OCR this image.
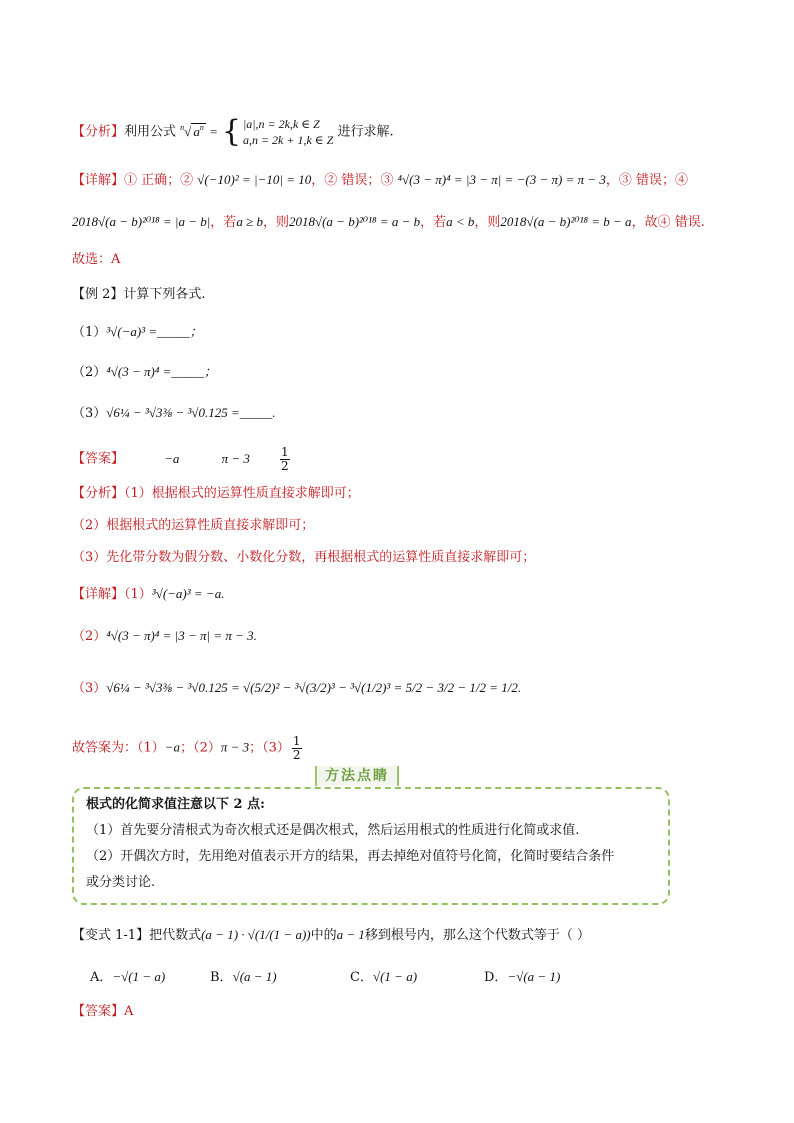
【分析】利用公式 $^n$√ $a^n$ = { |a|,n = 2k,k ∈ Z
a,n = 2k + 1,k ∈ Z
进行求解.
【详解】① 正确；② √(−10)² = |−10| = 10，② 错误；③ ⁴√(3 − π)⁴ = |3 − π| = −(3 − π) = π − 3，③ 错误；④
2018√(a − b)²⁰¹⁸ = |a − b|，若a ≥ b，则2018√(a − b)²⁰¹⁸ = a − b，若a < b，则2018√(a − b)²⁰¹⁸ = b − a，故④ 错误.
故选：A
【例 2】计算下列各式.
（1）³√(−a)³ =_____；
（2）⁴√(3 − π)⁴ =_____；
（3）√6¼ − ³√3⅜ − ³√0.125 =_____.
【答案】	−a	π − 3	$\frac{1}{2}$
【分析】（1）根据根式的运算性质直接求解即可；
（2）根据根式的运算性质直接求解即可；
（3）先化带分数为假分数、小数化分数，再根据根式的运算性质直接求解即可；
【详解】（1）³√(−a)³ = −a.
（2）⁴√(3 − π)⁴ = |3 − π| = π − 3.
（3）√6¼ − ³√3⅜ − ³√0.125 = √(5/2)² − ³√(3/2)³ − ³√(1/2)³ = 5/2 − 3/2 − 1/2 = 1/2.
故答案为：（1）−a；（2）π − 3；$(3) \frac{1}{2}$
方法点睛

根式的化简求值注意以下 2 点:

（1）首先要分清根式为奇次根式还是偶次根式，然后运用根式的性质进行化简或求值.

（2）开偶次方时，先用绝对值表示开方的结果，再去掉绝对值符号化简，化简时要结合条件

或分类讨论.

【变式 1-1】把代数式(a − 1) · √(1/(1 − a))中的a − 1移到根号内，那么这个代数式等于（ ）
A．−√(1 − a)	B．√(a − 1)	C．√(1 − a)	D．−√(a − 1)
【答案】A
